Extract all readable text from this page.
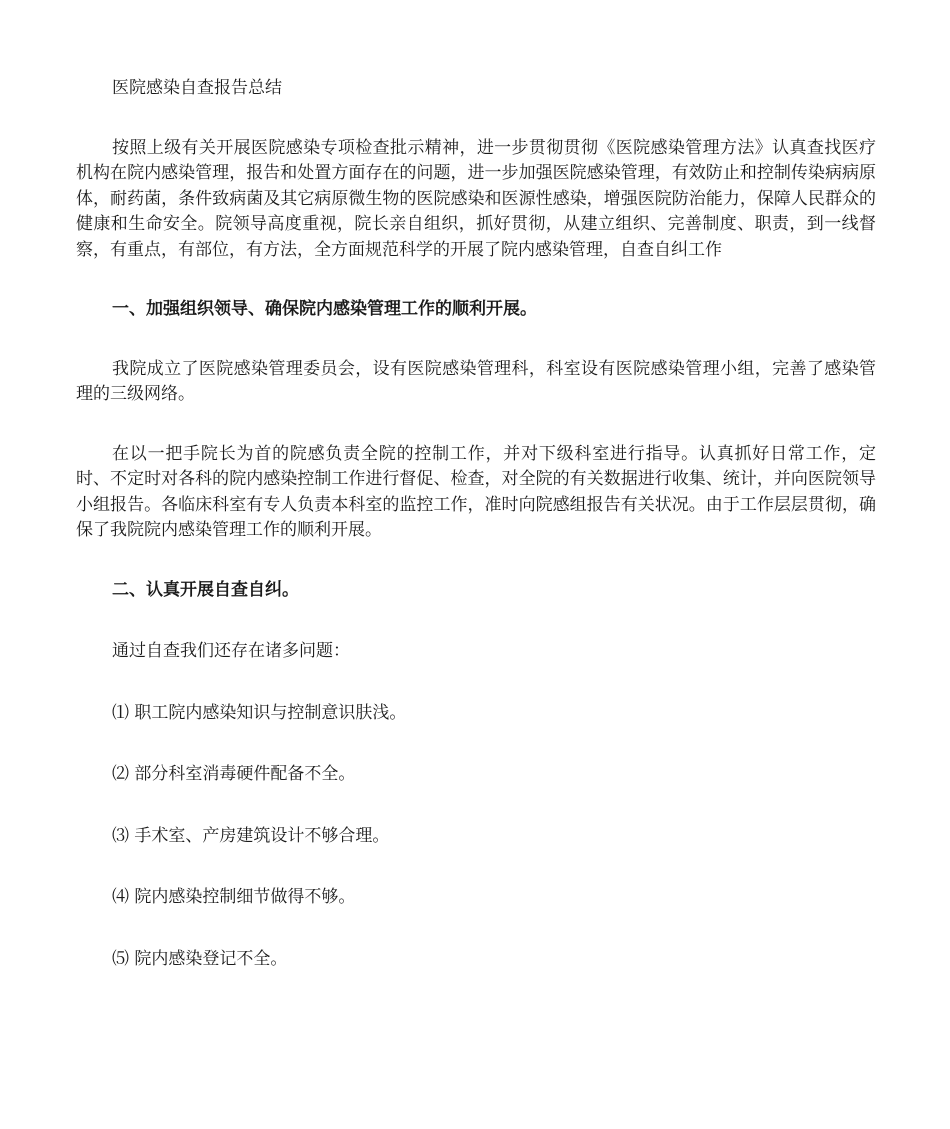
医院感染自查报告总结

按照上级有关开展医院感染专项检查批示精神，进一步贯彻贯彻《医院感染管理方法》认真查找医疗机构在院内感染管理，报告和处置方面存在的问题，进一步加强医院感染管理，有效防止和控制传染病病原体，耐药菌，条件致病菌及其它病原微生物的医院感染和医源性感染，增强医院防治能力，保障人民群众的健康和生命安全。院领导高度重视，院长亲自组织，抓好贯彻，从建立组织、完善制度、职责，到一线督察，有重点，有部位，有方法，全方面规范科学的开展了院内感染管理，自查自纠工作

一、加强组织领导、确保院内感染管理工作的顺利开展。

我院成立了医院感染管理委员会，设有医院感染管理科，科室设有医院感染管理小组，完善了感染管理的三级网络。

在以一把手院长为首的院感负责全院的控制工作，并对下级科室进行指导。认真抓好日常工作，定时、不定时对各科的院内感染控制工作进行督促、检查，对全院的有关数据进行收集、统计，并向医院领导小组报告。各临床科室有专人负责本科室的监控工作，准时向院感组报告有关状况。由于工作层层贯彻，确保了我院院内感染管理工作的顺利开展。

二、认真开展自查自纠。

通过自查我们还存在诸多问题：

⑴ 职工院内感染知识与控制意识肤浅。

⑵ 部分科室消毒硬件配备不全。

⑶ 手术室、产房建筑设计不够合理。

⑷ 院内感染控制细节做得不够。

⑸ 院内感染登记不全。
